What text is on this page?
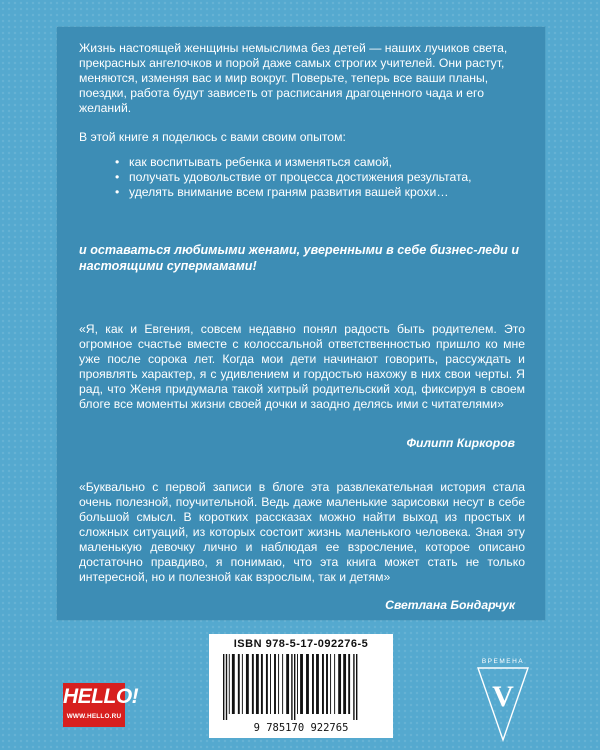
Жизнь настоящей женщины немыслима без детей — наших лучиков света, прекрасных ангелочков и порой даже самых строгих учителей. Они растут, меняются, изменяя вас и мир вокруг. Поверьте, теперь все ваши планы, поездки, работа будут зависеть от расписания драгоценного чада и его желаний.
В этой книге я поделюсь с вами своим опытом:
• как воспитывать ребенка и изменяться самой,
• получать удовольствие от процесса достижения результата,
• уделять внимание всем граням развития вашей крохи…
и оставаться любимыми женами, уверенными в себе бизнес-леди и настоящими супермамами!
«Я, как и Евгения, совсем недавно понял радость быть родителем. Это огромное счастье вместе с колоссальной ответственностью пришло ко мне уже после сорока лет. Когда мои дети начинают говорить, рассуждать и проявлять характер, я с удивлением и гордостью нахожу в них свои черты. Я рад, что Женя придумала такой хитрый родительский ход, фиксируя в своем блоге все моменты жизни своей дочки и заодно делясь ими с читателями»
Филипп Киркоров
«Буквально с первой записи в блоге эта развлекательная история стала очень полезной, поучительной. Ведь даже маленькие зарисовки несут в себе большой смысл. В коротких рассказах можно найти выход из простых и сложных ситуаций, из которых состоит жизнь маленького человека. Зная эту маленькую девочку лично и наблюдая ее взросление, которое описано достаточно правдиво, я понимаю, что эта книга может стать не только интересной, но и полезной как взрослым, так и детям»
Светлана Бондарчук
HELLO!
WWW.HELLO.RU
ISBN 978-5-17-092276-5
9 785170 922765
ВРЕМЕНА
V
